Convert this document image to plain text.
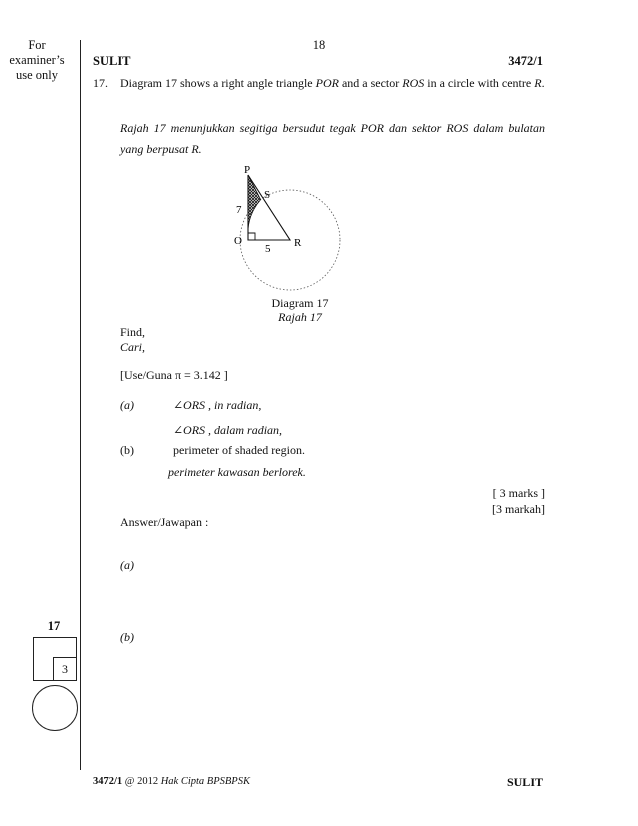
18
For
examiner’s
use only
SULIT	3472/1
17. Diagram 17 shows a right angle triangle POR and a sector ROS in a circle with centre R.
Rajah 17 menunjukkan segitiga bersudut tegak POR dan sektor ROS dalam bulatan yang berpusat R.
P
S
O	R
7
5
Diagram 17
Rajah 17
Find,
Cari,
[Use/Guna π = 3.142 ]
(a)	∠ORS , in radian,
∠ORS , dalam radian,
(b)	perimeter of shaded region.
perimeter kawasan berlorek.
[ 3 marks ]
[3 markah]
Answer/Jawapan :
(a)
(b)
17
3
3472/1 @ 2012 Hak Cipta BPSBPSK	SULIT
